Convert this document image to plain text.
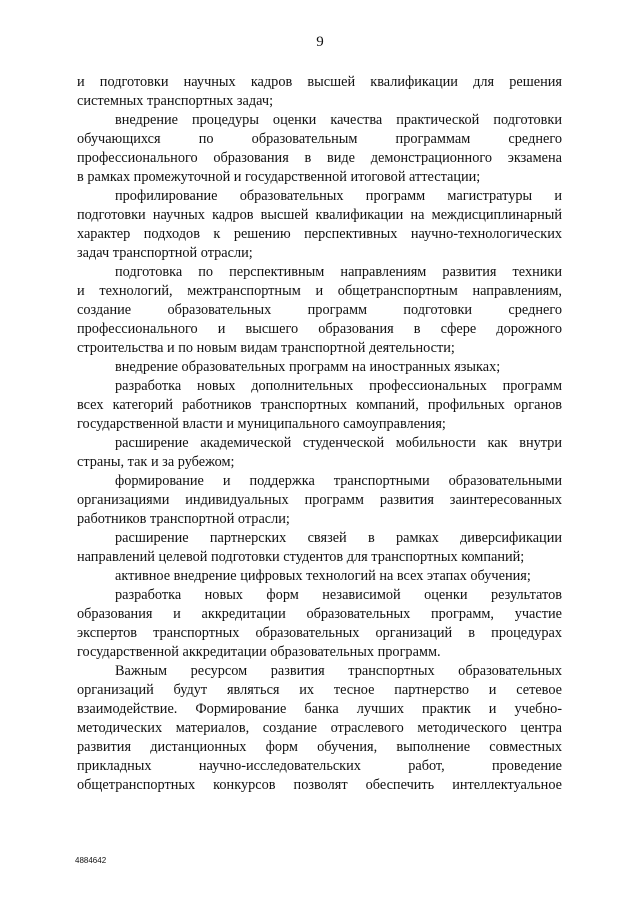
9

и подготовки научных кадров высшей квалификации для решения
системных транспортных задач;

внедрение процедуры оценки качества практической подготовки
обучающихся по образовательным программам среднего
профессионального образования в виде демонстрационного экзамена
в рамках промежуточной и государственной итоговой аттестации;

профилирование образовательных программ магистратуры и
подготовки научных кадров высшей квалификации на междисциплинарный
характер подходов к решению перспективных научно-технологических
задач транспортной отрасли;

подготовка по перспективным направлениям развития техники
и технологий, межтранспортным и общетранспортным направлениям,
создание образовательных программ подготовки среднего
профессионального и высшего образования в сфере дорожного
строительства и по новым видам транспортной деятельности;

внедрение образовательных программ на иностранных языках;

разработка новых дополнительных профессиональных программ
всех категорий работников транспортных компаний, профильных органов
государственной власти и муниципального самоуправления;

расширение академической студенческой мобильности как внутри
страны, так и за рубежом;

формирование и поддержка транспортными образовательными
организациями индивидуальных программ развития заинтересованных
работников транспортной отрасли;

расширение партнерских связей в рамках диверсификации
направлений целевой подготовки студентов для транспортных компаний;

активное внедрение цифровых технологий на всех этапах обучения;

разработка новых форм независимой оценки результатов
образования и аккредитации образовательных программ, участие
экспертов транспортных образовательных организаций в процедурах
государственной аккредитации образовательных программ.

Важным ресурсом развития транспортных образовательных
организаций будут являться их тесное партнерство и сетевое
взаимодействие. Формирование банка лучших практик и учебно-
методических материалов, создание отраслевого методического центра
развития дистанционных форм обучения, выполнение совместных
прикладных научно-исследовательских работ, проведение
общетранспортных конкурсов позволят обеспечить интеллектуальное

4884642
